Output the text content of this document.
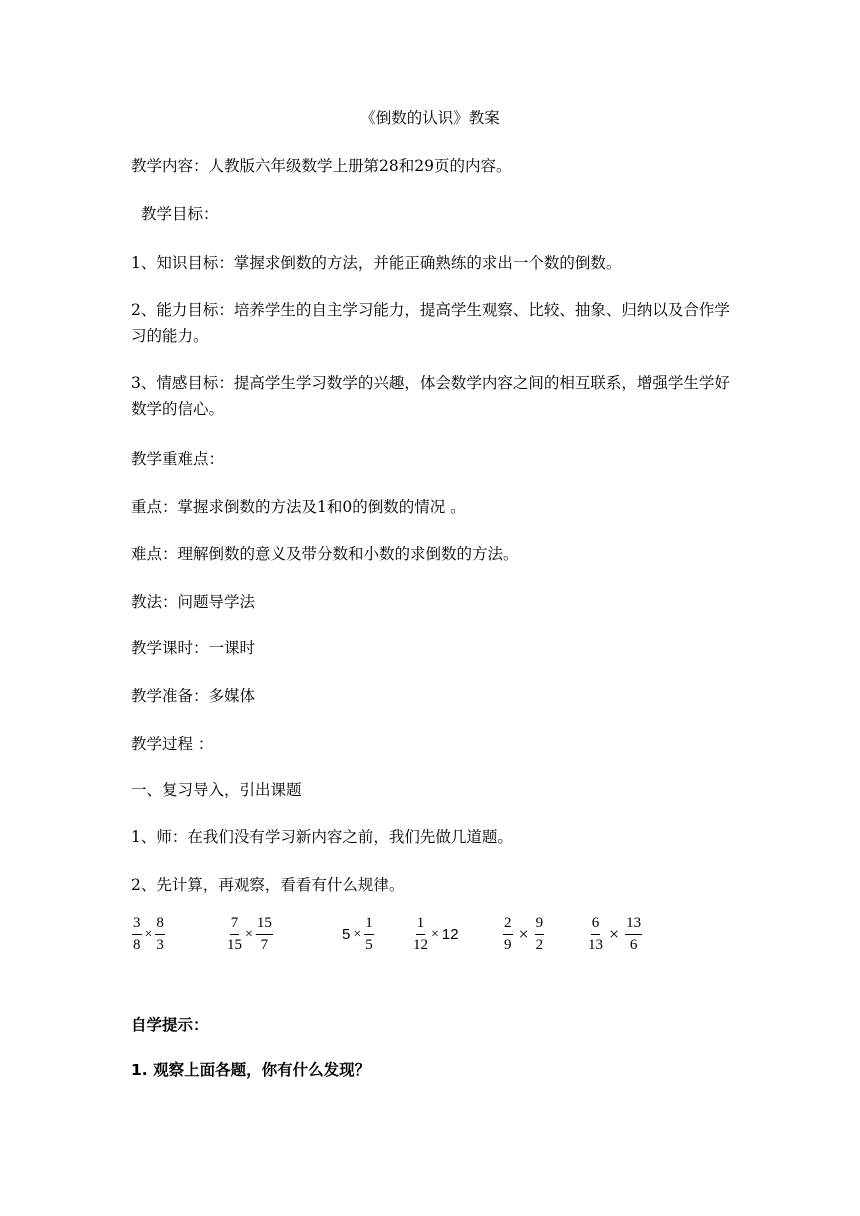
《倒数的认识》教案
教学内容：人教版六年级数学上册第28和29页的内容。
教学目标：
1、知识目标：掌握求倒数的方法，并能正确熟练的求出一个数的倒数。
2、能力目标：培养学生的自主学习能力，提高学生观察、比较、抽象、归纳以及合作学习的能力。
3、情感目标：提高学生学习数学的兴趣，体会数学内容之间的相互联系，增强学生学好数学的信心。
教学重难点：
重点：掌握求倒数的方法及1和0的倒数的情况 。
难点：理解倒数的意义及带分数和小数的求倒数的方法。
教法：问题导学法
教学课时：一课时
教学准备：多媒体
教学过程 ：
一、复习导入，引出课题
1、师：在我们没有学习新内容之前，我们先做几道题。
2、先计算，再观察，看看有什么规律。
$\frac{3}{8} \times \frac{8}{3}$	$\frac{7}{15} \times \frac{15}{7}$	$5 \times \frac{1}{5}$	$\frac{1}{12} \times 12$	$\frac{2}{9} \times \frac{9}{2}$	$\frac{6}{13} \times \frac{13}{6}$
自学提示：
1. 观察上面各题，你有什么发现？
